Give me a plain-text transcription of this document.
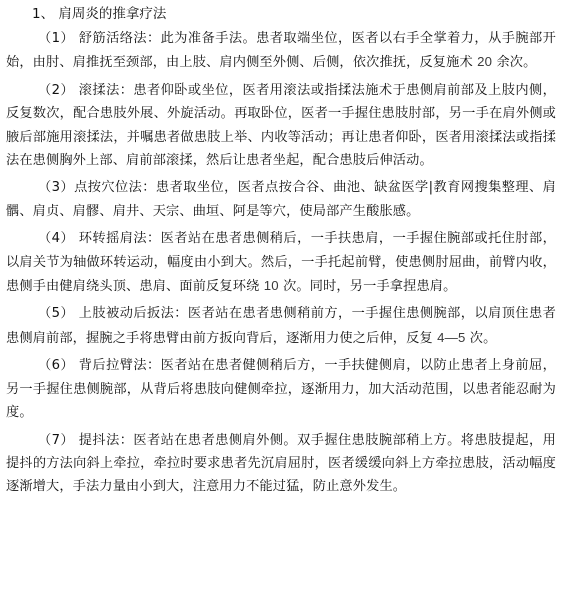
1、 肩周炎的推拿疗法

（1） 舒筋活络法：此为准备手法。患者取端坐位，医者以右手全掌着力，从手腕部开始，由肘、肩推抚至颈部，由上肢、肩内侧至外侧、后侧，依次推抚，反复施术 20 余次。

（2） 滚揉法：患者仰卧或坐位，医者用滚法或指揉法施术于患侧肩前部及上肢内侧，反复数次，配合患肢外展、外旋活动。再取卧位，医者一手握住患肢肘部，另一手在肩外侧或腋后部施用滚揉法，并嘱患者做患肢上举、内收等活动；再让患者仰卧，医者用滚揉法或指揉法在患侧胸外上部、肩前部滚揉，然后让患者坐起，配合患肢后伸活动。

（3）点按穴位法：患者取坐位，医者点按合谷、曲池、缺盆医学|教育网搜集整理、肩髃、肩贞、肩髎、肩井、天宗、曲垣、阿是等穴，使局部产生酸胀感。

（4） 环转摇肩法：医者站在患者患侧稍后，一手扶患肩，一手握住腕部或托住肘部，以肩关节为轴做环转运动，幅度由小到大。然后，一手托起前臂，使患侧肘屈曲，前臂内收，患侧手由健肩绕头顶、患肩、面前反复环绕 10 次。同时，另一手拿捏患肩。

（5） 上肢被动后扳法：医者站在患者患侧稍前方，一手握住患侧腕部，以肩顶住患者患侧肩前部，握腕之手将患臂由前方扳向背后，逐渐用力使之后伸，反复 4—5 次。

（6） 背后拉臂法：医者站在患者健侧稍后方，一手扶健侧肩，以防止患者上身前屈，另一手握住患侧腕部，从背后将患肢向健侧牵拉，逐渐用力，加大活动范围，以患者能忍耐为度。

（7） 提抖法：医者站在患者患侧肩外侧。双手握住患肢腕部稍上方。将患肢提起，用提抖的方法向斜上牵拉，牵拉时要求患者先沉肩屈肘，医者缓缓向斜上方牵拉患肢，活动幅度逐渐增大，手法力量由小到大，注意用力不能过猛，防止意外发生。
